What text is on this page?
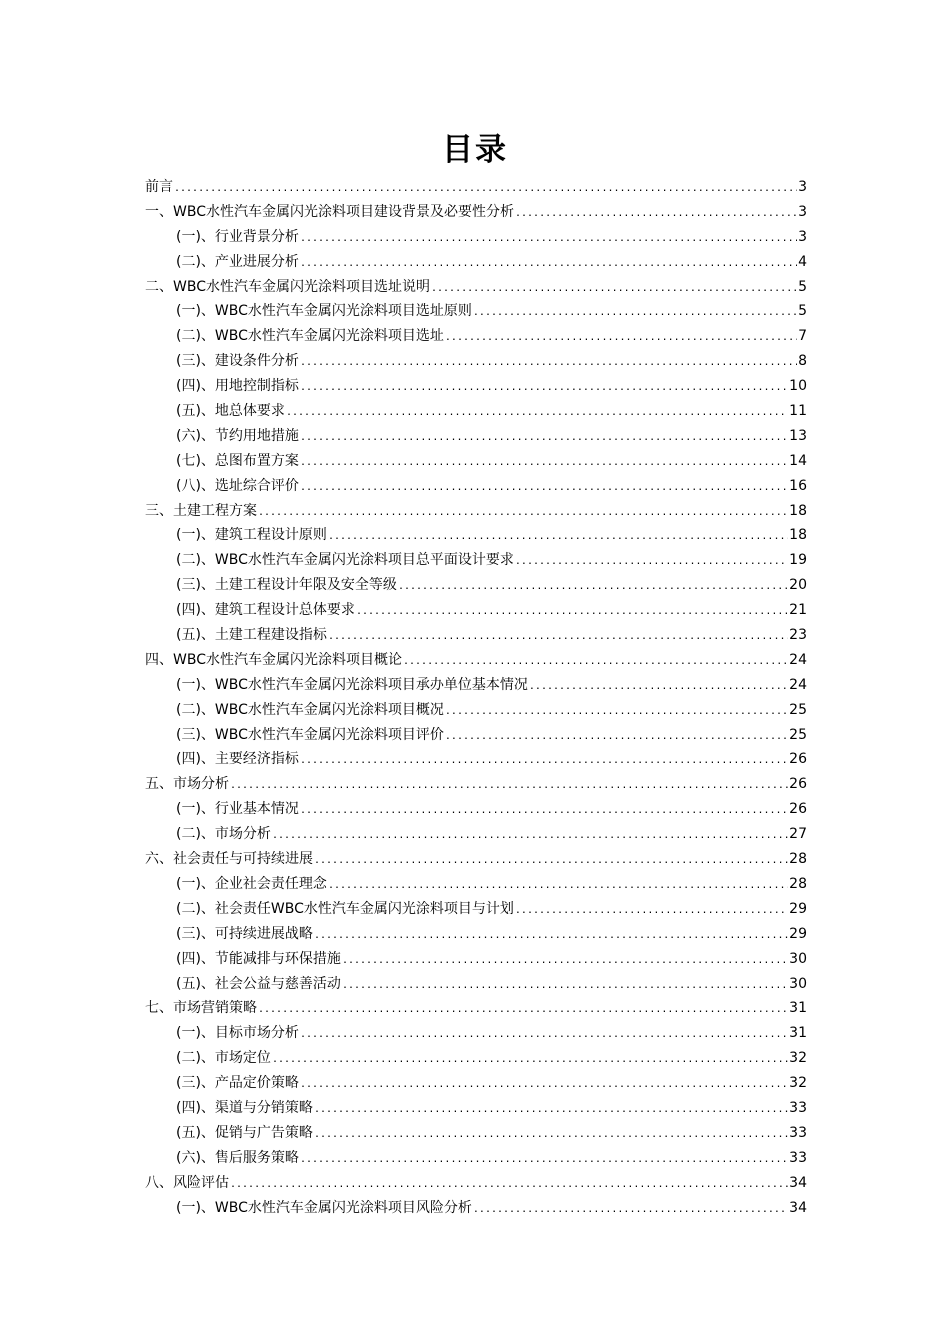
目录
前言 .....	3
一、WBC水性汽车金属闪光涂料项目建设背景及必要性分析 .....	3
(一)、行业背景分析 .....	3
(二)、产业进展分析 .....	4
二、WBC水性汽车金属闪光涂料项目选址说明 .....	5
(一)、WBC水性汽车金属闪光涂料项目选址原则 .....	5
(二)、WBC水性汽车金属闪光涂料项目选址 .....	7
(三)、建设条件分析 .....	8
(四)、用地控制指标 .....	10
(五)、地总体要求 .....	11
(六)、节约用地措施 .....	13
(七)、总图布置方案 .....	14
(八)、选址综合评价 .....	16
三、土建工程方案 .....	18
(一)、建筑工程设计原则 .....	18
(二)、WBC水性汽车金属闪光涂料项目总平面设计要求 .....	19
(三)、土建工程设计年限及安全等级 .....	20
(四)、建筑工程设计总体要求 .....	21
(五)、土建工程建设指标 .....	23
四、WBC水性汽车金属闪光涂料项目概论 .....	24
(一)、WBC水性汽车金属闪光涂料项目承办单位基本情况 .....	24
(二)、WBC水性汽车金属闪光涂料项目概况 .....	25
(三)、WBC水性汽车金属闪光涂料项目评价 .....	25
(四)、主要经济指标 .....	26
五、市场分析 .....	26
(一)、行业基本情况 .....	26
(二)、市场分析 .....	27
六、社会责任与可持续进展 .....	28
(一)、企业社会责任理念 .....	28
(二)、社会责任WBC水性汽车金属闪光涂料项目与计划 .....	29
(三)、可持续进展战略 .....	29
(四)、节能减排与环保措施 .....	30
(五)、社会公益与慈善活动 .....	30
七、市场营销策略 .....	31
(一)、目标市场分析 .....	31
(二)、市场定位 .....	32
(三)、产品定价策略 .....	32
(四)、渠道与分销策略 .....	33
(五)、促销与广告策略 .....	33
(六)、售后服务策略 .....	33
八、风险评估 .....	34
(一)、WBC水性汽车金属闪光涂料项目风险分析 .....	34
